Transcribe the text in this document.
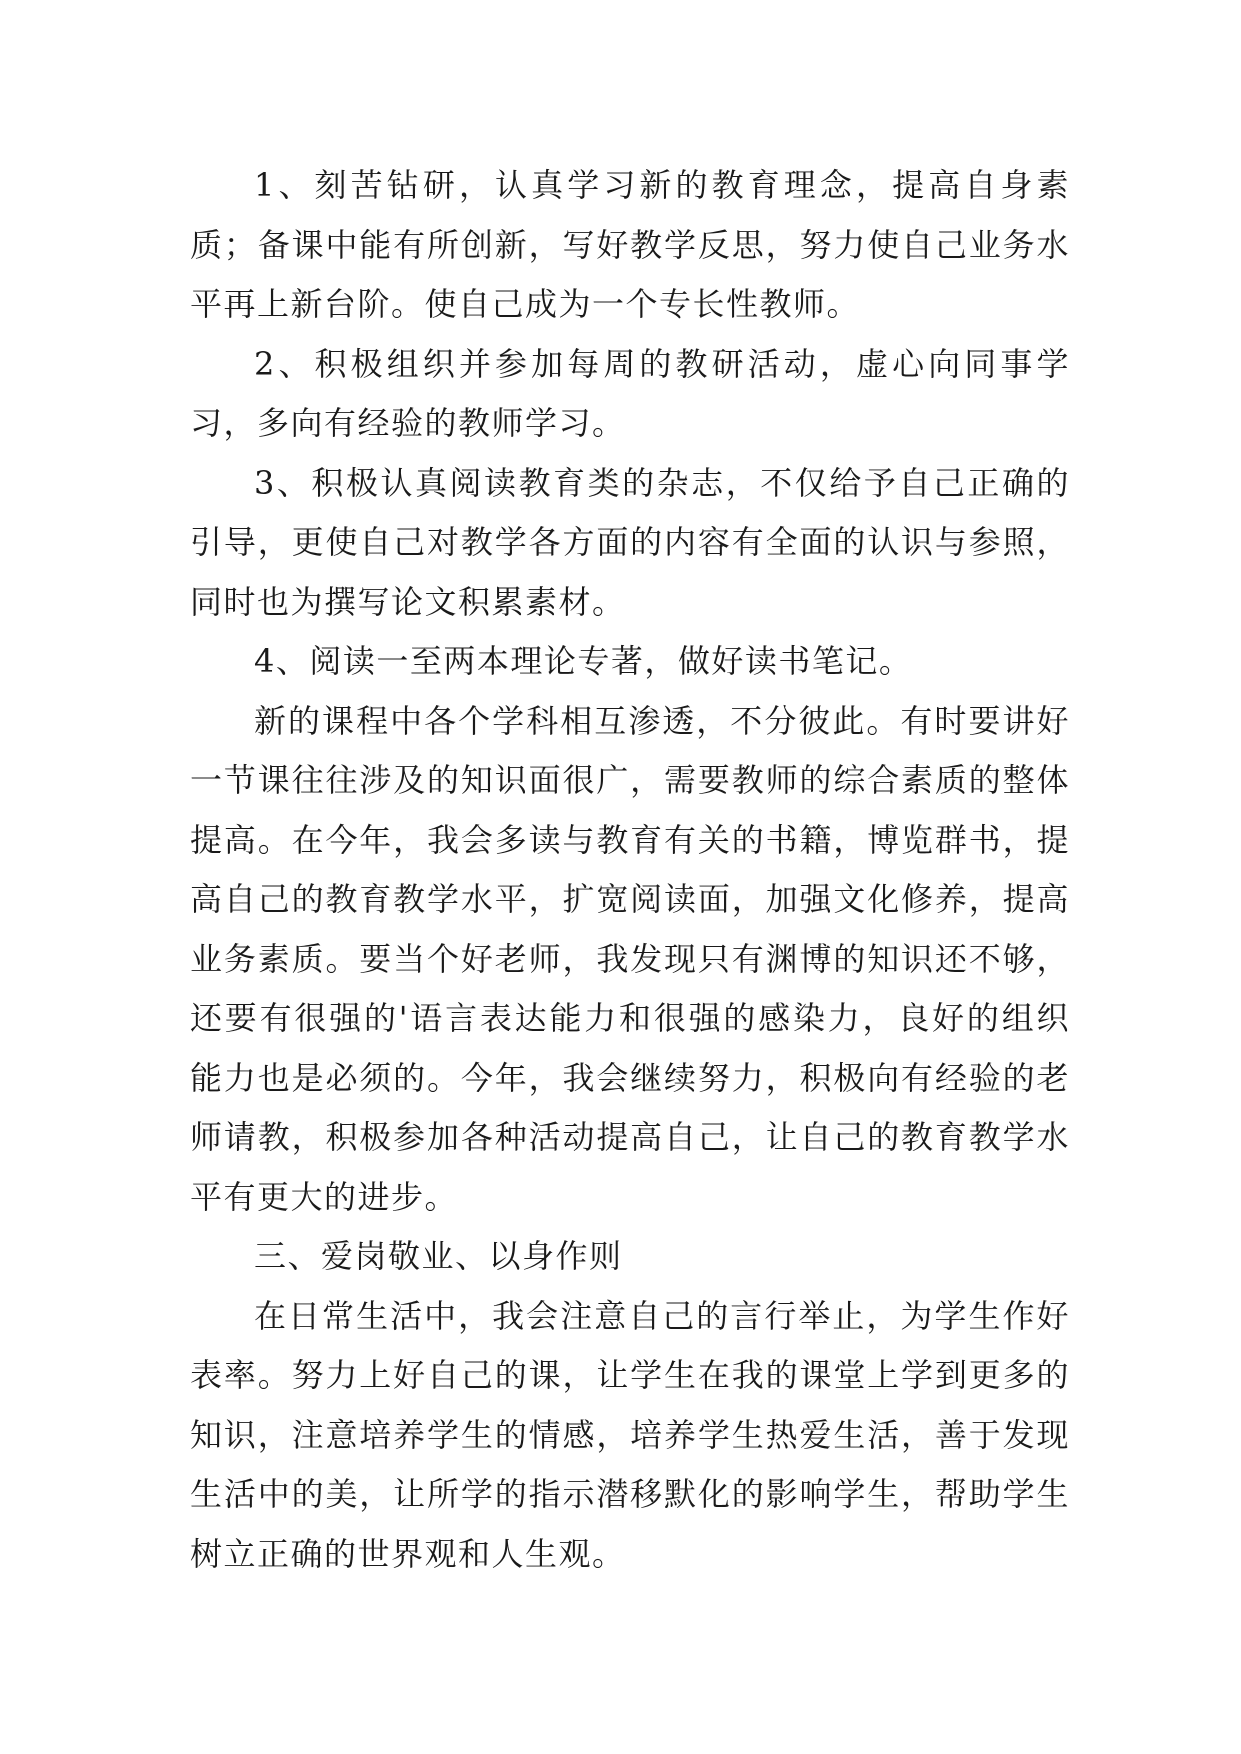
1、刻苦钻研，认真学习新的教育理念，提高自身素质；备课中能有所创新，写好教学反思，努力使自己业务水平再上新台阶。使自己成为一个专长性教师。

2、积极组织并参加每周的教研活动，虚心向同事学习，多向有经验的教师学习。

3、积极认真阅读教育类的杂志，不仅给予自己正确的引导，更使自己对教学各方面的内容有全面的认识与参照，同时也为撰写论文积累素材。

4、阅读一至两本理论专著，做好读书笔记。

新的课程中各个学科相互渗透，不分彼此。有时要讲好一节课往往涉及的知识面很广，需要教师的综合素质的整体提高。在今年，我会多读与教育有关的书籍，博览群书，提高自己的教育教学水平，扩宽阅读面，加强文化修养，提高业务素质。要当个好老师，我发现只有渊博的知识还不够，还要有很强的'语言表达能力和很强的感染力，良好的组织能力也是必须的。今年，我会继续努力，积极向有经验的老师请教，积极参加各种活动提高自己，让自己的教育教学水平有更大的进步。

三、爱岗敬业、以身作则

在日常生活中，我会注意自己的言行举止，为学生作好表率。努力上好自己的课，让学生在我的课堂上学到更多的知识，注意培养学生的情感，培养学生热爱生活，善于发现生活中的美，让所学的指示潜移默化的影响学生，帮助学生树立正确的世界观和人生观。
